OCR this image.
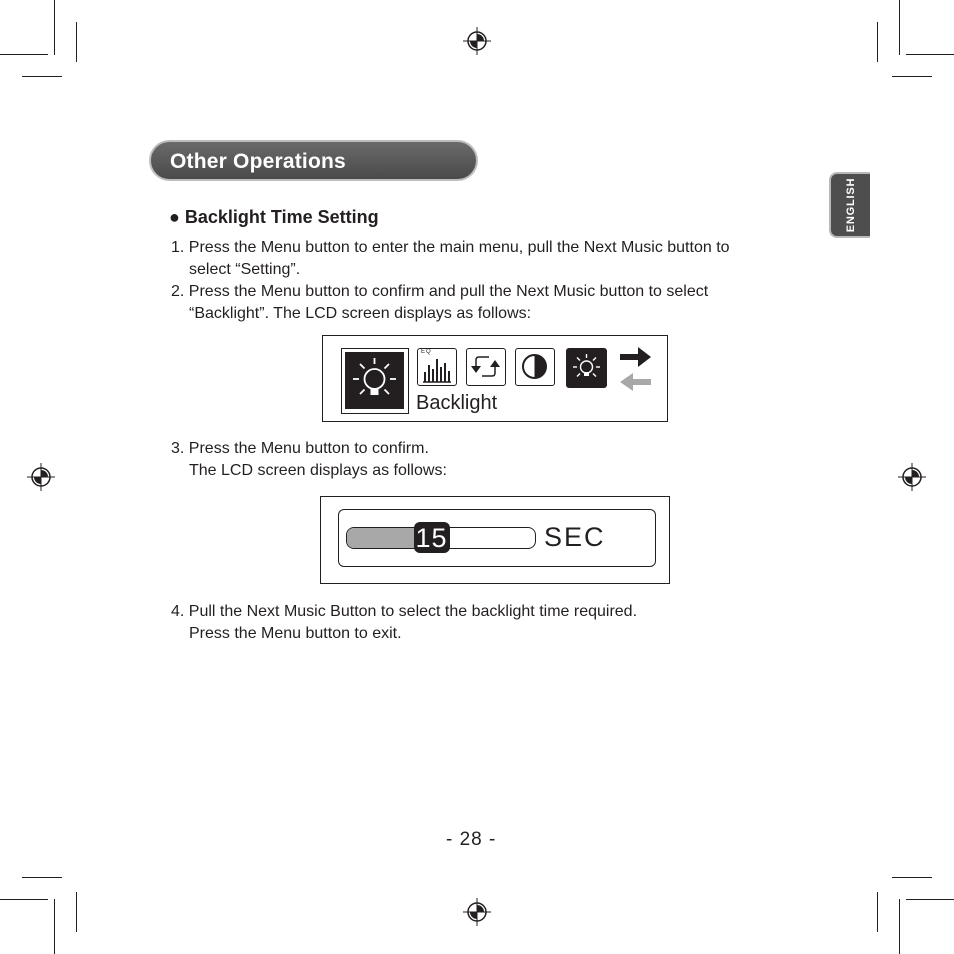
Other Operations
ENGLISH
● Backlight Time Setting
1. Press the Menu button to enter the main menu, pull the Next Music button to
select “Setting”.
2. Press the Menu button to confirm and pull the Next Music button to select
“Backlight”. The LCD screen displays as follows:
EQ
Backlight
3. Press the Menu button to confirm.
The LCD screen displays as follows:
15	SEC
4. Pull the Next Music Button to select the backlight time required.
Press the Menu button to exit.
- 28 -
